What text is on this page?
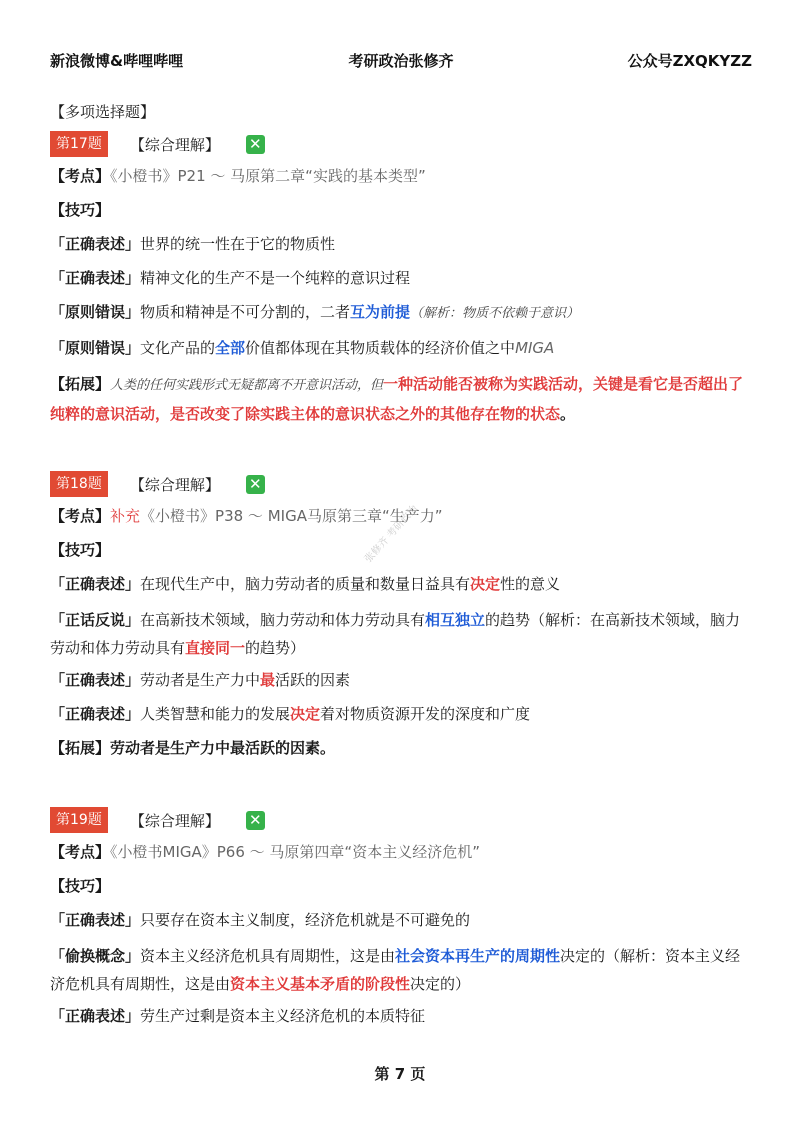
新浪微博&哔哩哔哩	考研政治张修齐	公众号ZXQKYZZ
张修齐 考研政治
【多项选择题】
第17题	【综合理解】 ✕
【考点】《小橙书》P21 ～ 马原第二章“实践的基本类型”
【技巧】
「正确表述」世界的统一性在于它的物质性
「正确表述」精神文化的生产不是一个纯粹的意识过程
「原则错误」物质和精神是不可分割的，二者互为前提（解析：物质不依赖于意识）
「原则错误」文化产品的全部价值都体现在其物质载体的经济价值之中MIGA
【拓展】人类的任何实践形式无疑都离不开意识活动，但一种活动能否被称为实践活动，关键是看它是否超出了纯粹的意识活动，是否改变了除实践主体的意识状态之外的其他存在物的状态。
第18题	【综合理解】 ✕
【考点】补充《小橙书》P38 ～ MIGA马原第三章“生产力”
【技巧】
「正确表述」在现代生产中，脑力劳动者的质量和数量日益具有决定性的意义
「正话反说」在高新技术领域，脑力劳动和体力劳动具有相互独立的趋势（解析：在高新技术领域，脑力劳动和体力劳动具有直接同一的趋势）
「正确表述」劳动者是生产力中最活跃的因素
「正确表述」人类智慧和能力的发展决定着对物质资源开发的深度和广度
【拓展】劳动者是生产力中最活跃的因素。
第19题	【综合理解】 ✕
【考点】《小橙书MIGA》P66 ～ 马原第四章“资本主义经济危机”
【技巧】
「正确表述」只要存在资本主义制度，经济危机就是不可避免的
「偷换概念」资本主义经济危机具有周期性，这是由社会资本再生产的周期性决定的（解析：资本主义经济危机具有周期性，这是由资本主义基本矛盾的阶段性决定的）
「正确表述」劳生产过剩是资本主义经济危机的本质特征
第 7 页
